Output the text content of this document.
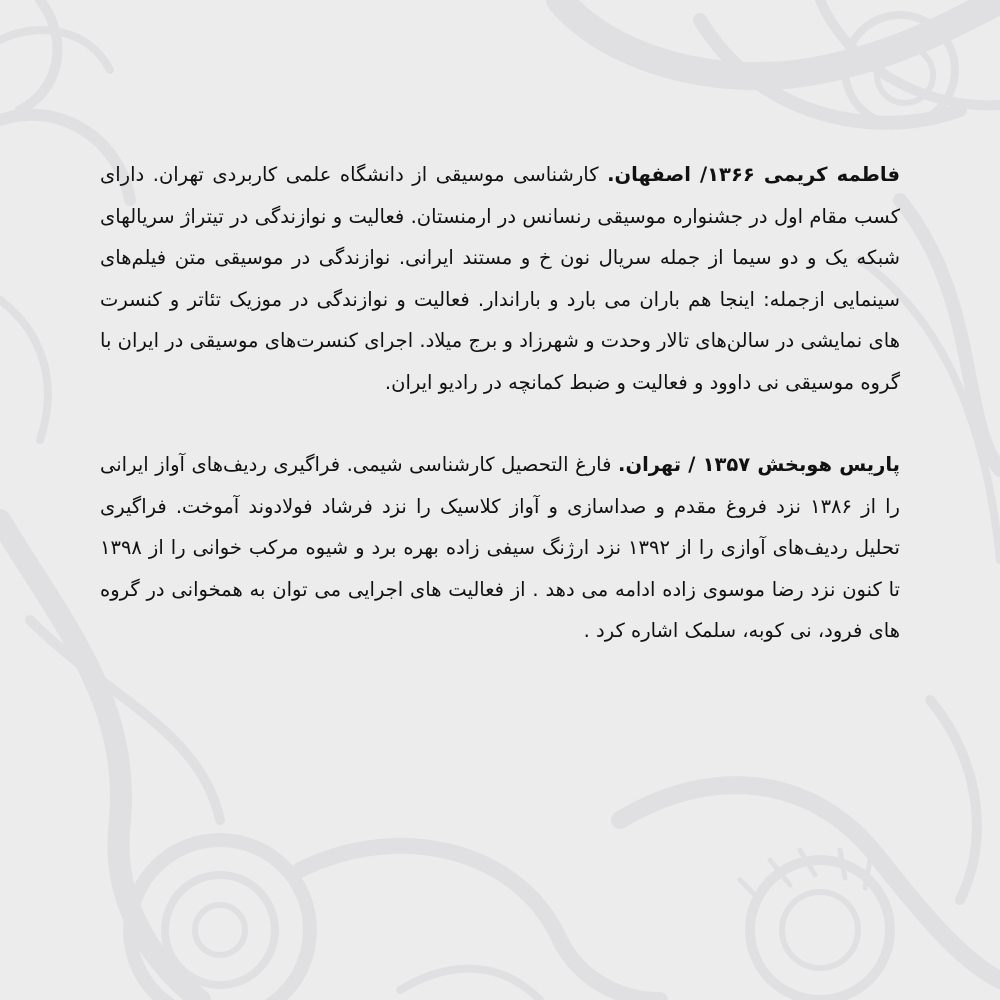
فاطمه کریمی ۱۳۶۶/ اصفهان. کارشناسی موسیقی از دانشگاه علمی کاربردی تهران. دارای کسب مقام اول در جشنواره موسیقی رنسانس در ارمنستان. فعالیت و نوازندگی در تیتراژ سریالهای شبکه یک و دو سیما از جمله سریال نون خ و مستند ایرانی. نوازندگی در موسیقی متن فیلم‌های سینمایی ازجمله: اینجا هم باران می بارد و باراندار. فعالیت و نوازندگی در موزیک تئاتر و کنسرت های نمایشی در سالن‌های تالار وحدت و شهرزاد و برج میلاد. اجرای کنسرت‌های موسیقی در ایران با گروه موسیقی نی داوود و فعالیت و ضبط کمانچه در رادیو ایران.

پاریس هوبخش ۱۳۵۷ / تهران. فارغ التحصیل کارشناسی شیمی. فراگیری ردیف‌های آواز ایرانی را از ۱۳۸۶ نزد فروغ مقدم و صداسازی و آواز کلاسیک را نزد فرشاد فولادوند آموخت. فراگیری تحلیل ردیف‌های آوازی را از ۱۳۹۲ نزد ارژنگ سیفی زاده بهره برد و شیوه مرکب خوانی را از ۱۳۹۸ تا کنون نزد رضا موسوی زاده ادامه می دهد . از فعالیت های اجرایی می توان به همخوانی در گروه های فرود، نی کوبه، سلمک اشاره کرد .
